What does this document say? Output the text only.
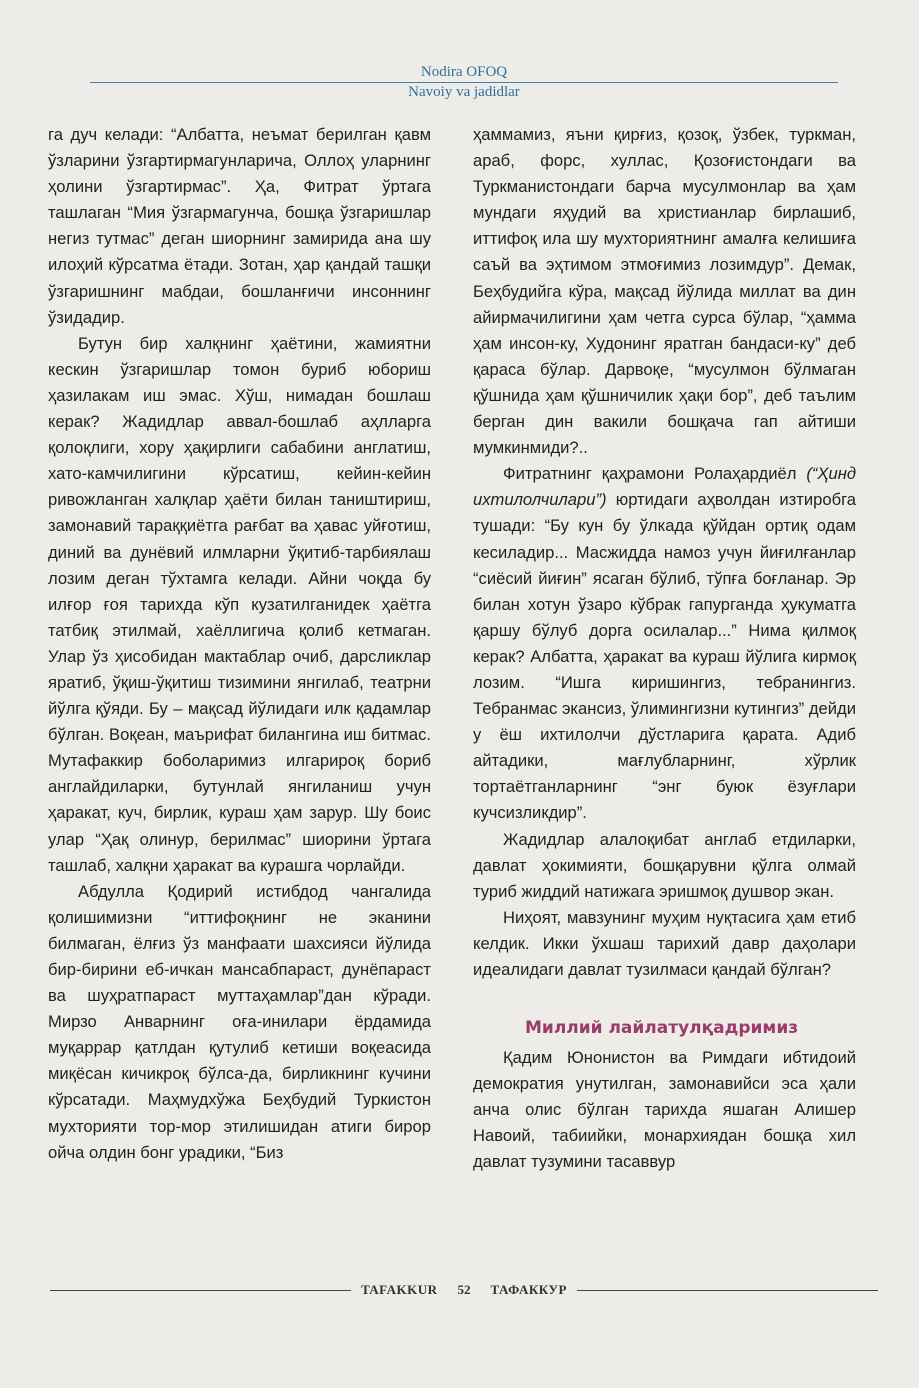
Nodira OFOQ
Navoiy va jadidlar

га дуч келади: “Албатта, неъмат берилган қавм ўзларини ўзгартирмагунларича, Оллоҳ уларнинг ҳолини ўзгартирмас”. Ҳа, Фитрат ўртага ташлаган “Мия ўзгармагунча, бошқа ўзгаришлар негиз тутмас” деган шиорнинг замирида ана шу илоҳий кўрсатма ётади. Зотан, ҳар қандай ташқи ўзгаришнинг мабдаи, бошланғичи инсоннинг ўзидадир.

Бутун бир халқнинг ҳаётини, жамиятни кескин ўзгаришлар томон буриб юбориш ҳазилакам иш эмас. Хўш, нимадан бошлаш керак? Жадидлар аввал-бошлаб аҳлларга қолоқлиги, хору ҳақирлиги сабабини англатиш, хато-камчилигини кўрсатиш, кейин-кейин ривожланган халқлар ҳаёти билан таништириш, замонавий тараққиётга рағбат ва ҳавас уйғотиш, диний ва дунёвий илмларни ўқитиб-тарбиялаш лозим деган тўхтамга келади. Айни чоқда бу илғор ғоя тарихда кўп кузатилганидек ҳаётга татбиқ этилмай, хаёллигича қолиб кетмаган. Улар ўз ҳисобидан мактаблар очиб, дарсликлар яратиб, ўқиш-ўқитиш тизимини янгилаб, театрни йўлга қўяди. Бу – мақсад йўлидаги илк қадамлар бўлган. Воқеан, маърифат билангина иш битмас. Мутафаккир боболаримиз илгарироқ бориб англайдиларки, бутунлай янгиланиш учун ҳаракат, куч, бирлик, кураш ҳам зарур. Шу боис улар “Ҳақ олинур, берилмас” шиорини ўртага ташлаб, халқни ҳаракат ва курашга чорлайди.

Абдулла Қодирий истибдод чангалида қолишимизни “иттифоқнинг не эканини билмаган, ёлғиз ўз манфаати шахсияси йўлида бир-бирини еб-ичкан мансабпараст, дунёпараст ва шуҳратпараст муттаҳамлар”дан кўради. Мирзо Анварнинг оға-инилари ёрдамида муқаррар қатлдан қутулиб кетиши воқеасида миқёсан кичикроқ бўлса-да, бирликнинг кучини кўрсатади. Маҳмудхўжа Беҳбудий Туркистон мухторияти тор-мор этилишидан атиги бирор ойча олдин бонг урадики, “Биз

ҳаммамиз, яъни қирғиз, қозоқ, ўзбек, туркман, араб, форс, хуллас, Қозоғистондаги ва Туркманистондаги барча мусулмонлар ва ҳам мундаги яҳудий ва христианлар бирлашиб, иттифоқ ила шу мухториятнинг амалға келишиға саъй ва эҳтимом этмоғимиз лозимдур”. Демак, Беҳбудийга кўра, мақсад йўлида миллат ва дин айирмачилигини ҳам четга сурса бўлар, “ҳамма ҳам инсон-ку, Худонинг яратган бандаси-ку” деб қараса бўлар. Дарвоқе, “мусулмон бўлмаган қўшнида ҳам қўшничилик ҳақи бор”, деб таълим берган дин вакили бошқача гап айтиши мумкинмиди?..

Фитратнинг қаҳрамони Ролаҳардиёл (“Ҳинд ихтилолчилари”) юртидаги аҳволдан изтиробга тушади: “Бу кун бу ўлкада қўйдан ортиқ одам кесиладир... Масжидда намоз учун йиғилғанлар “сиёсий йиғин” ясаган бўлиб, тўпға боғланар. Эр билан хотун ўзаро кўбрак гапурганда ҳукуматга қаршу бўлуб дорга осилалар...” Нима қилмоқ керак? Албатта, ҳаракат ва кураш йўлига кирмоқ лозим. “Ишга киришингиз, тебранингиз. Тебранмас экансиз, ўлимингизни кутингиз” дейди у ёш ихтилолчи дўстларига қарата. Адиб айтадики, мағлубларнинг, хўрлик тортаётганларнинг “энг буюк ёзуғлари кучсизликдир”.

Жадидлар алалоқибат англаб етдиларки, давлат ҳокимияти, бошқарувни қўлга олмай туриб жиддий натижага эришмоқ душвор экан.

Ниҳоят, мавзунинг муҳим нуқтасига ҳам етиб келдик. Икки ўхшаш тарихий давр даҳолари идеалидаги давлат тузилмаси қандай бўлган?

Миллий лайлатулқадримиз

Қадим Юнонистон ва Римдаги ибтидоий демократия унутилган, замонавийси эса ҳали анча олис бўлган тарихда яшаган Алишер Навоий, табиийки, монархиядан бошқа хил давлат тузумини тасаввур

TAFAKKUR	52	ТАФАККУР
